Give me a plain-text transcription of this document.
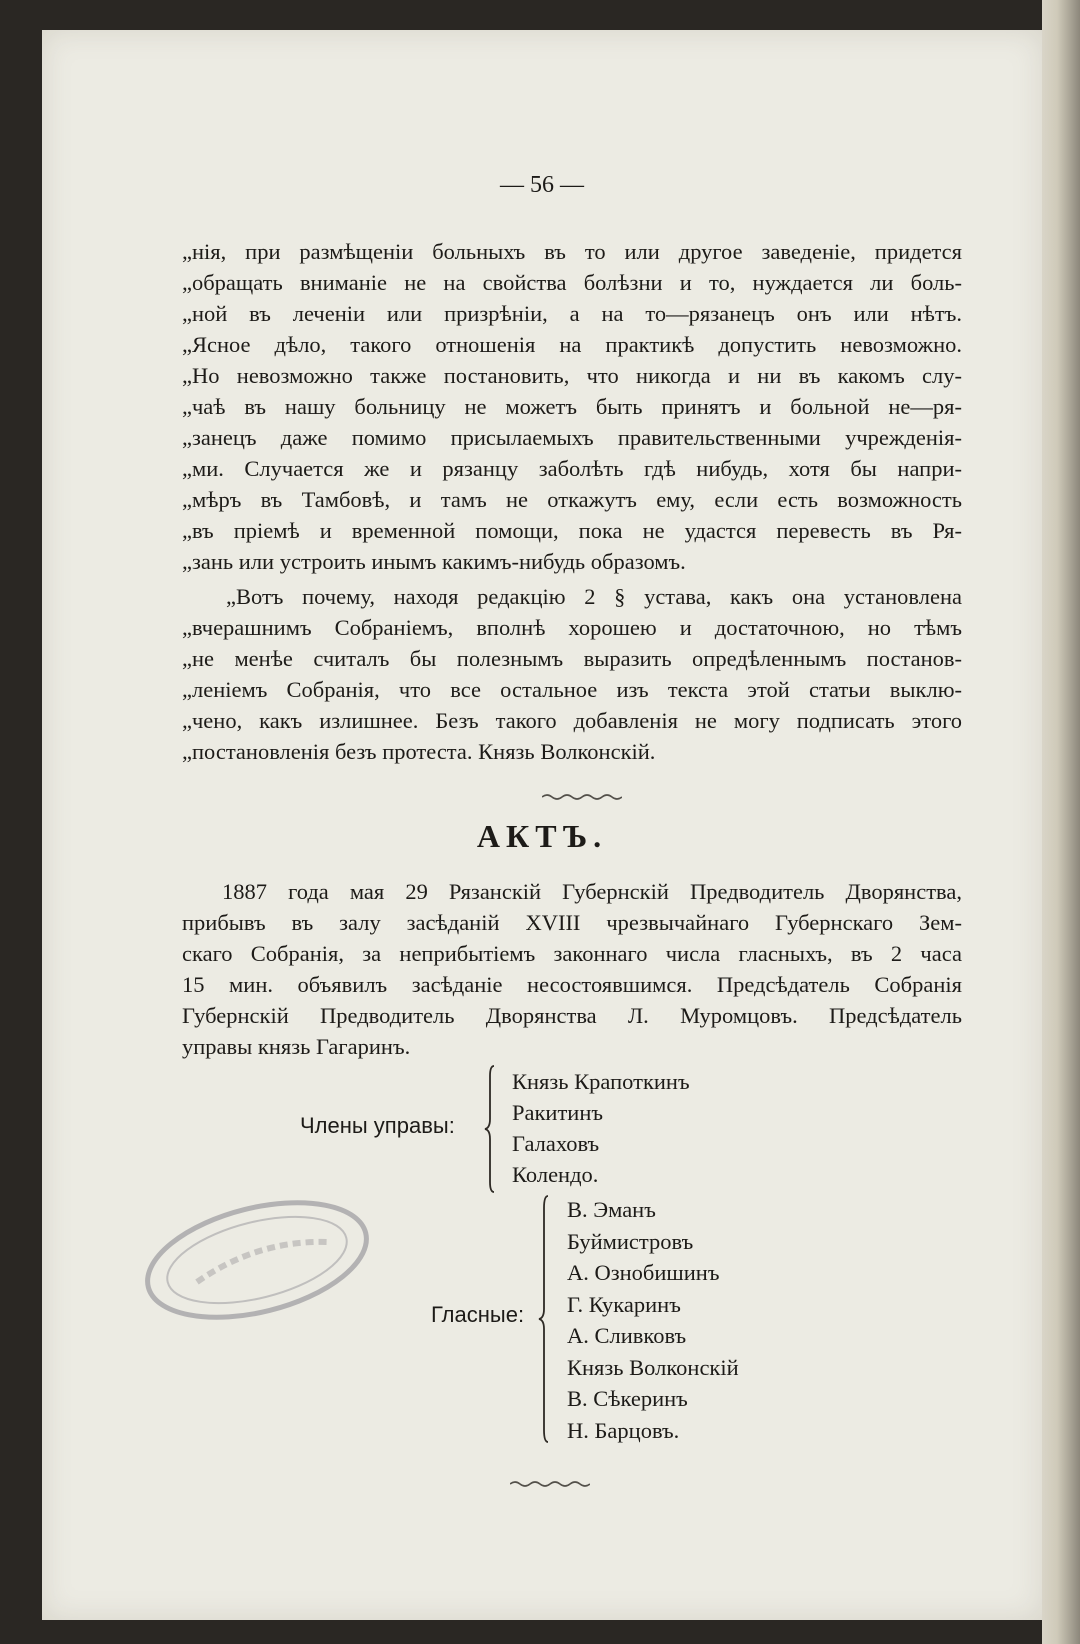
— 56 —
„нія, при размѣщеніи больныхъ въ то или другое заведеніе, придется
„обращать вниманіе не на свойства болѣзни и то, нуждается ли боль-
„ной въ леченіи или призрѣніи, а на то—рязанецъ онъ или нѣтъ.
„Ясное дѣло, такого отношенія на практикѣ допустить невозможно.
„Но невозможно также постановить, что никогда и ни въ какомъ слу-
„чаѣ въ нашу больницу не можетъ быть принятъ и больной не—ря-
„занецъ даже помимо присылаемыхъ правительственными учрежденія-
„ми. Случается же и рязанцу заболѣть гдѣ нибудь, хотя бы напри-
„мѣръ въ Тамбовѣ, и тамъ не откажутъ ему, если есть возможность
„въ пріемѣ и временной помощи, пока не удастся перевесть въ Ря-
„зань или устроить инымъ какимъ-нибудь образомъ.
„Вотъ почему, находя редакцію 2 § устава, какъ она установлена
„вчерашнимъ Собраніемъ, вполнѣ хорошею и достаточною, но тѣмъ
„не менѣе считалъ бы полезнымъ выразить опредѣленнымъ постанов-
„леніемъ Собранія, что все остальное изъ текста этой статьи выклю-
„чено, какъ излишнее. Безъ такого добавленія не могу подписать этого
„постановленія безъ протеста. Князь Волконскій.
АКТЪ.
1887 года мая 29 Рязанскій Губернскій Предводитель Дворянства,
прибывъ въ залу засѣданій XVIII чрезвычайнаго Губернскаго Зем-
скаго Собранія, за неприбытіемъ законнаго числа гласныхъ, въ 2 часа
15 мин. объявилъ засѣданіе несостоявшимся. Предсѣдатель Собранія
Губернскій Предводитель Дворянства Л. Муромцовъ. Предсѣдатель
управы князь Гагаринъ.
Члены управы:
Князь Крапоткинъ
Ракитинъ
Галаховъ
Колендо.
Гласные:
В. Эманъ
Буймистровъ
А. Ознобишинъ
Г. Кукаринъ
А. Сливковъ
Князь Волконскій
В. Сѣкеринъ
Н. Барцовъ.
